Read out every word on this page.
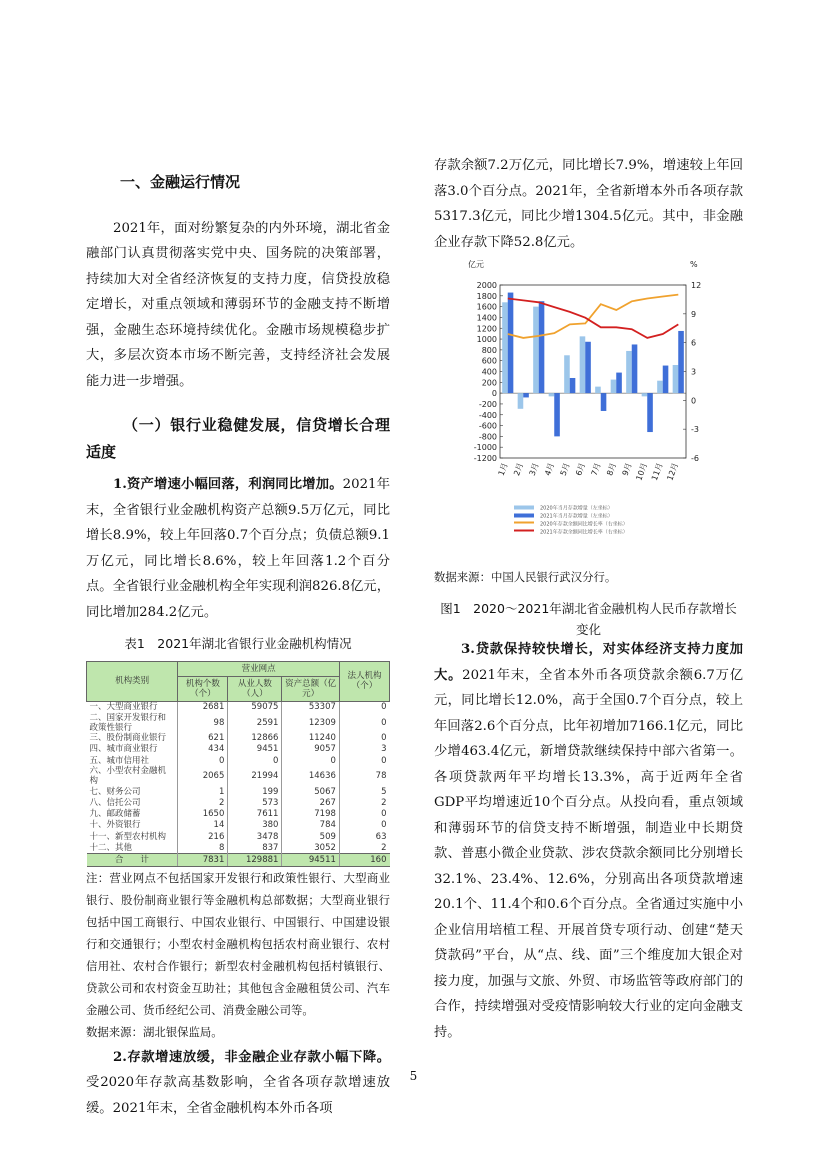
一、金融运行情况

2021年，面对纷繁复杂的内外环境，湖北省金融部门认真贯彻落实党中央、国务院的决策部署，持续加大对全省经济恢复的支持力度，信贷投放稳定增长，对重点领域和薄弱环节的金融支持不断增强，金融生态环境持续优化。金融市场规模稳步扩大，多层次资本市场不断完善，支持经济社会发展能力进一步增强。

（一）银行业稳健发展，信贷增长合理适度

1.资产增速小幅回落，利润同比增加。2021年末，全省银行业金融机构资产总额9.5万亿元，同比增长8.9%，较上年回落0.7个百分点；负债总额9.1万亿元，同比增长8.6%，较上年回落1.2个百分点。全省银行业金融机构全年实现利润826.8亿元，同比增加284.2亿元。

表1　2021年湖北省银行业金融机构情况
机构类别	营业网点			法人机构（个）
	机构个数（个）	从业人数（人）	资产总额（亿元）	
一、大型商业银行	2681	59075	53307	0
二、国家开发银行和政策性银行	98	2591	12309	0
三、股份制商业银行	621	12866	11240	0
四、城市商业银行	434	9451	9057	3
五、城市信用社	0	0	0	0
六、小型农村金融机构	2065	21994	14636	78
七、财务公司	1	199	5067	5
八、信托公司	2	573	267	2
九、邮政储蓄	1650	7611	7198	0
十、外资银行	14	380	784	0
十一、新型农村机构	216	3478	509	63
十二、其他	8	837	3052	2
合　　计	7831	129881	94511	160

注：营业网点不包括国家开发银行和政策性银行、大型商业银行、股份制商业银行等金融机构总部数据；大型商业银行包括中国工商银行、中国农业银行、中国银行、中国建设银行和交通银行；小型农村金融机构包括农村商业银行、农村信用社、农村合作银行；新型农村金融机构包括村镇银行、贷款公司和农村资金互助社；其他包含金融租赁公司、汽车金融公司、货币经纪公司、消费金融公司等。

数据来源：湖北银保监局。

2.存款增速放缓，非金融企业存款小幅下降。受2020年存款高基数影响，全省各项存款增速放缓。2021年末，全省金融机构本外币各项

存款余额7.2万亿元，同比增长7.9%，增速较上年回落3.0个百分点。2021年，全省新增本外币各项存款5317.3亿元，同比少增1304.5亿元。其中，非金融企业存款下降52.8亿元。

亿元	%
2000
1800
1600
1400
1200
1000
800
600
400
200
0
-200
-400
-600
-800
-1000
-1200
12
9
6
3
0
-3
-6
1月 2月 3月 4月 5月 6月 7月 8月 9月 10月 11月 12月
2020年当月存款增量（左坐标）
2021年当月存款增量（左坐标）
2020年存款余额同比增长率（右坐标）
2021年存款余额同比增长率（右坐标）
数据来源：中国人民银行武汉分行。
图1　2020～2021年湖北省金融机构人民币存款增长变化

3.贷款保持较快增长，对实体经济支持力度加大。2021年末，全省本外币各项贷款余额6.7万亿元，同比增长12.0%，高于全国0.7个百分点，较上年回落2.6个百分点，比年初增加7166.1亿元，同比少增463.4亿元，新增贷款继续保持中部六省第一。各项贷款两年平均增长13.3%，高于近两年全省GDP平均增速近10个百分点。从投向看，重点领域和薄弱环节的信贷支持不断增强，制造业中长期贷款、普惠小微企业贷款、涉农贷款余额同比分别增长32.1%、23.4%、12.6%，分别高出各项贷款增速20.1个、11.4个和0.6个百分点。全省通过实施中小企业信用培植工程、开展首贷专项行动、创建“楚天贷款码”平台，从“点、线、面”三个维度加大银企对接力度，加强与文旅、外贸、市场监管等政府部门的合作，持续增强对受疫情影响较大行业的定向金融支持。

5
